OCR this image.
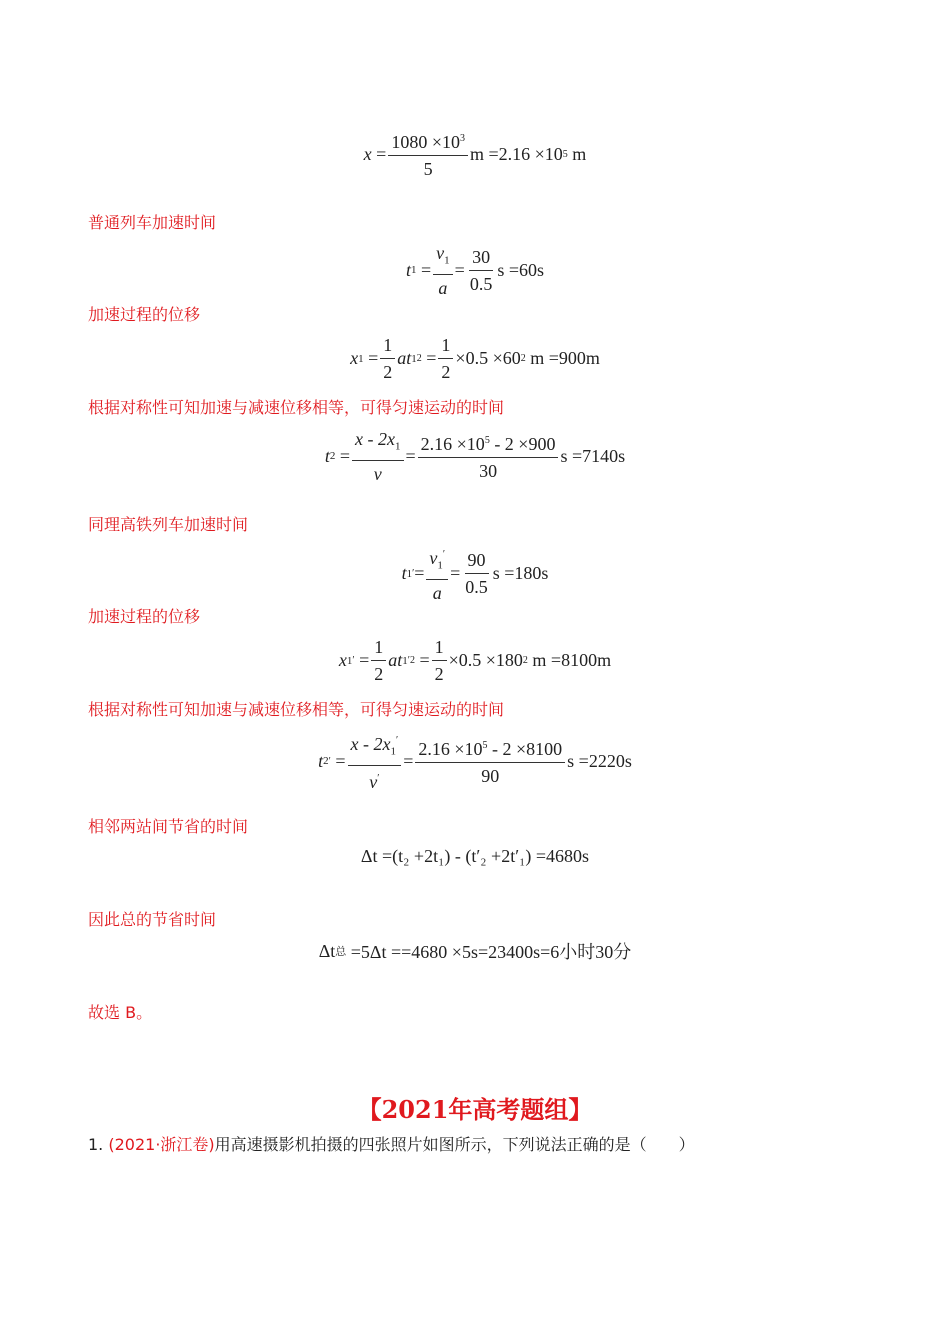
$x = \frac{1080 \times 10^3}{5}$ m =2.16 ×10 5
m
普通列车加速时间
t $1 = \frac{v_1}{a} = \frac{30}{0.5}$ s =60s
加速过程的位移
x $1 = \frac{1}{2}$ at 1 $2 = \frac{1}{2} \times 0.5 \times 60$ 2
m =900m
根据对称性可知加速与减速位移相等，可得匀速运动的时间
t $2 = \frac{x - 2x_1}{v} = \frac{2.16 \times 10^5 - 2 \times 900}{30}$ s =7140s
同理高铁列车加速时间
t 1 ′ = $\frac{v_1'}{a} = \frac{90}{0.5}$ s =180s
加速过程的位移
x 1 ′ = $\frac{1}{2}$ at 1 $'2 = \frac{1}{2} \times 0.5 \times 180$ 2
m =8100m
根据对称性可知加速与减速位移相等，可得匀速运动的时间
t 2 ′ = $\frac{x - 2x_1'}{v'} = \frac{2.16 \times 10^5 - 2 \times 8100}{90}$ s =2220s
相邻两站间节省的时间
Δt =(t₂ +2t₁) - (t′₂ +2t′₁) =4680s
因此总的节省时间
Δt 总
=5Δt ==4680 ×5s=23400s=6小时30分
故选 B。
【2021年高考题组】
1. (2021·浙江卷)用高速摄影机拍摄的四张照片如图所示，下列说法正确的是（　　）
